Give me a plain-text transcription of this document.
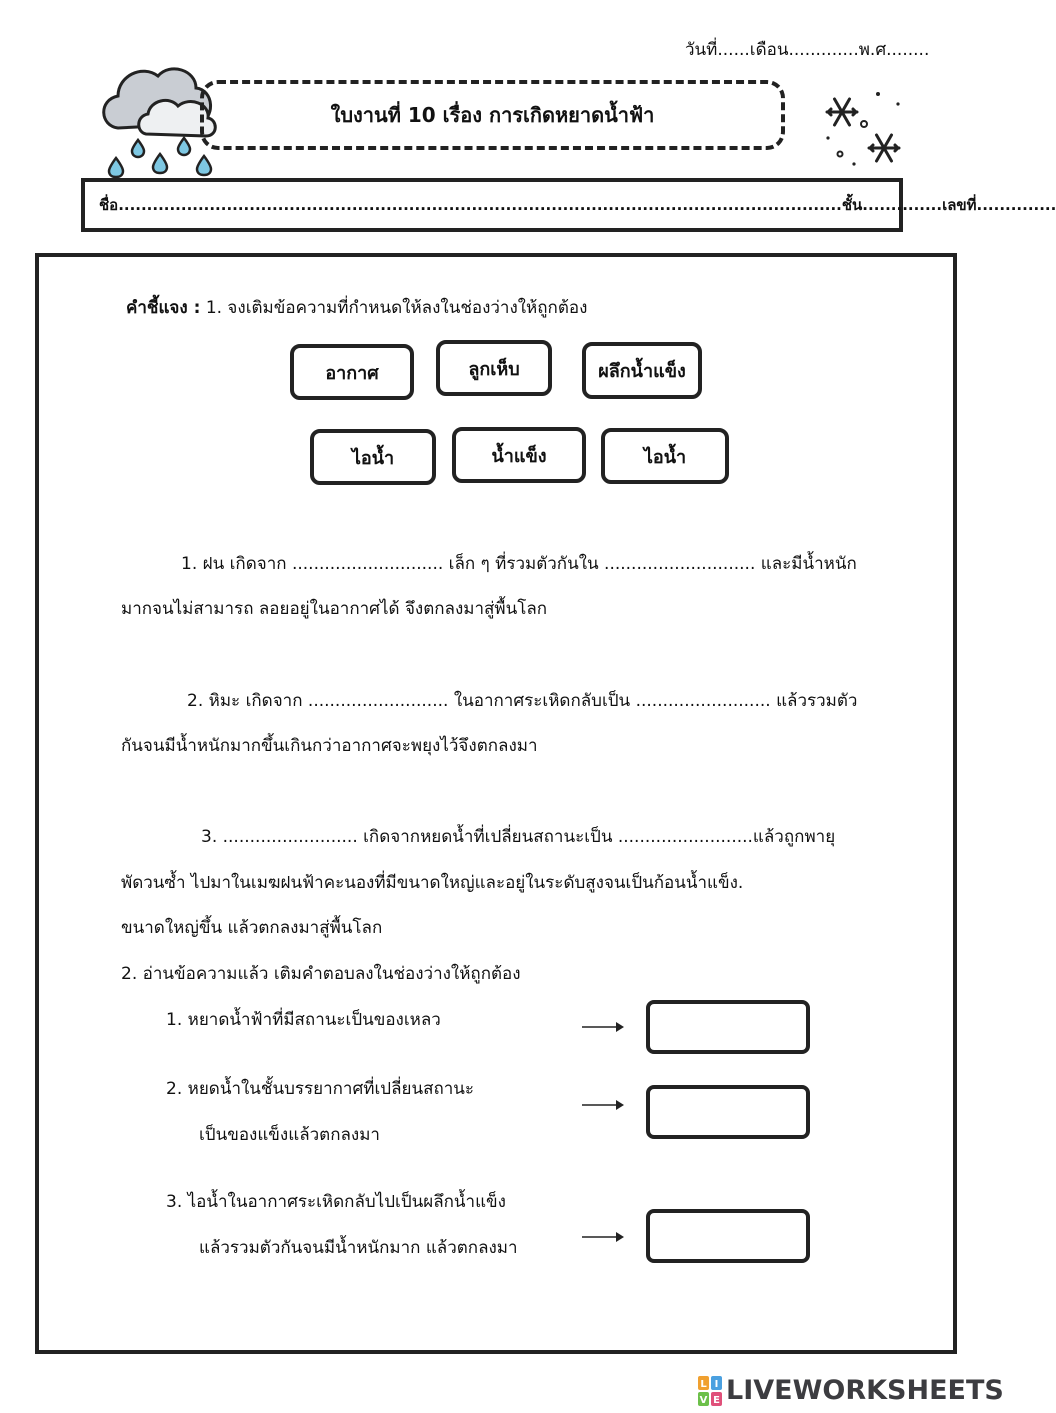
วันที่......เดือน.............พ.ศ........
ใบงานที่ 10 เรื่อง การเกิดหยาดน้ำฟ้า
ชื่อ...............................................................................................................................ชั้น..............เลขที่..............
คำชี้แจง : 1. จงเติมข้อความที่กำหนดให้ลงในช่องว่างให้ถูกต้อง
อากาศ	ลูกเห็บ	ผลึกน้ำแข็ง
ไอน้ำ	น้ำแข็ง	ไอน้ำ
1. ฝน เกิดจาก ............................ เล็ก ๆ ที่รวมตัวกันใน ............................ และมีน้ำหนัก
มากจนไม่สามารถ ลอยอยู่ในอากาศได้ จึงตกลงมาสู่พื้นโลก
2. หิมะ เกิดจาก .......................... ในอากาศระเหิดกลับเป็น ......................... แล้วรวมตัว
กันจนมีน้ำหนักมากขึ้นเกินกว่าอากาศจะพยุงไว้จึงตกลงมา
3. ......................... เกิดจากหยดน้ำที่เปลี่ยนสถานะเป็น .........................แล้วถูกพายุ
พัดวนซ้ำ ไปมาในเมฆฝนฟ้าคะนองที่มีขนาดใหญ่และอยู่ในระดับสูงจนเป็นก้อนน้ำแข็ง.
ขนาดใหญ่ขึ้น แล้วตกลงมาสู่พื้นโลก
2. อ่านข้อความแล้ว เติมคำตอบลงในช่องว่างให้ถูกต้อง
1. หยาดน้ำฟ้าที่มีสถานะเป็นของเหลว
2. หยดน้ำในชั้นบรรยากาศที่เปลี่ยนสถานะ
เป็นของแข็งแล้วตกลงมา
3. ไอน้ำในอากาศระเหิดกลับไปเป็นผลึกน้ำแข็ง
แล้วรวมตัวกันจนมีน้ำหนักมาก แล้วตกลงมา
L I
V E LIVEWORKSHEETS
